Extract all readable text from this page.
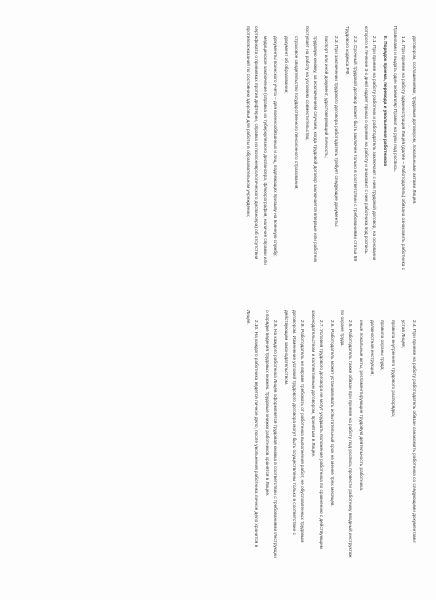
договором, соглашениями, трудовым договором, локальными актами Лицея.

1.4. При приеме на работу администрация Лицея (далее – Работодатель) обязана ознакомить работника с Правилами и выдать один экземпляр Правил на руки под роспись.

II. Порядок приема, перевода и увольнения работников

2.1. При приеме на работу работник и работодатель заключают с ним трудовой договор, на основании которого в течение 3-х дней издает приказ о приеме на работу и знакомит с ним работника под роспись.

2.2. Срочный трудовой договор может быть заключен только в соответствии с требованиями статьи 59 Трудового кодекса РФ.

2.3. При заключении трудового договора работодатель требует следующие документы:

паспорт или иной документ, удостоверяющий личность;

трудовую книжку, за исключением случаев, когда трудовой договор заключается впервые или работник поступает на работу на условиях совместительства;

страховое свидетельство государственного пенсионного страхования;

документ об образовании;

документы воинского учета – для военнообязанных и лиц, подлежащих призыву на военную службу;

медицинское заключение (справка из туберкулезного диспансера, флюорография, наличие справки или сертификата о прививках против дифтерии, справка из психоневрологического диспансера) об отсутствии противопоказаний по состоянию здоровья для работы в образовательном учреждении;

2.4. При приеме на работу работодатель обязан ознакомить работника со следующими документами:

устав Лицея;

правила внутреннего трудового распорядка;

правила охраны труда;

должностная инструкция;

иные локальные акты, регламентирующие трудовую деятельность работника.

2.5. Работодатель также обязан при приеме на работу под роспись провести работнику вводный инструктаж по охране труда.

2.6. Работодатель может устанавливать испытательный срок не менее трех месяцев.

2.7. Условия трудового договора не могут ухудшать положение работника по сравнению с действующим законодательством и коллективным договором, принятым в Лицее.

2.8. Работодатель не вправе требовать от работника выполнения работ, не обусловленных трудовым договором. Изменение условий трудового договора могут быть осуществлены только в соответствии с действующим законодательством.

2.9. На каждого работника Лицея оформляется трудовая книжка в соответствии с требованиями Инструкции о порядке ведения трудовых книжек. Трудовые книжки работников хранятся в Лицее.

2.10. На каждого работника ведется личное дело, после увольнения работника личное дело хранится в Лицее.
